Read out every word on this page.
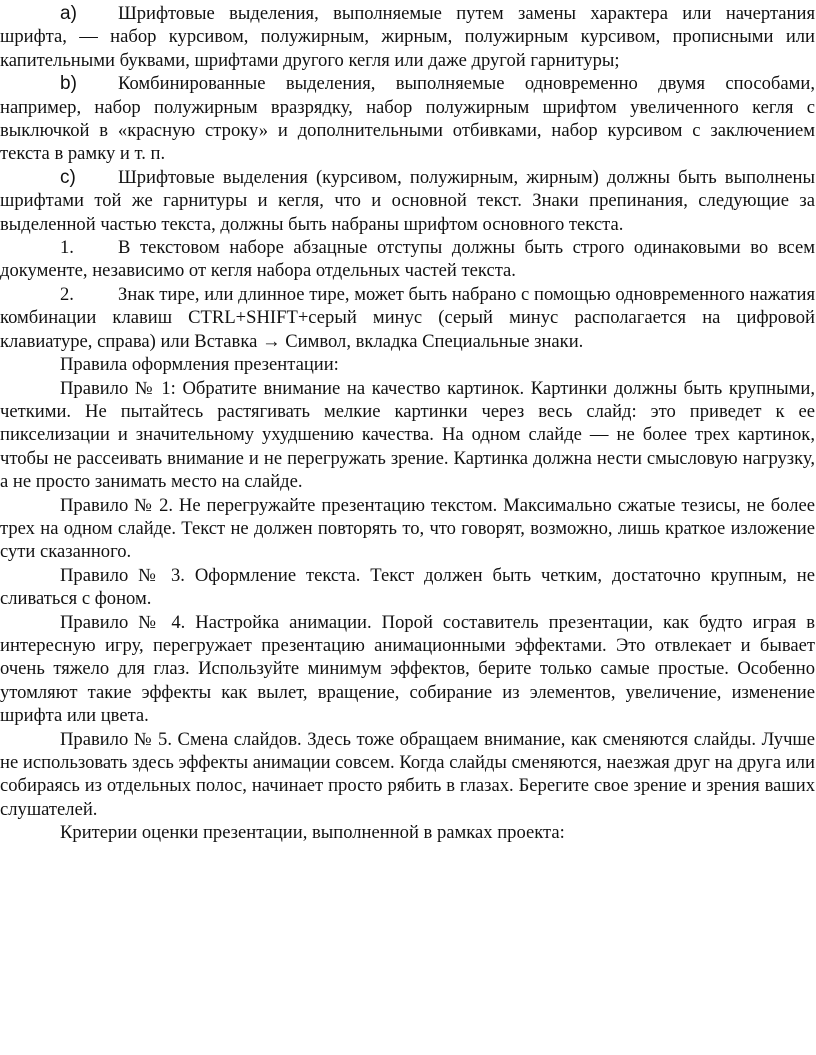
a) Шрифтовые выделения, выполняемые путем замены характера или начертания шрифта, — набор курсивом, полужирным, жирным, полужирным курсивом, прописными или капительными буквами, шрифтами другого кегля или даже другой гарнитуры;

b) Комбинированные выделения, выполняемые одновременно двумя способами, например, набор полужирным вразрядку, набор полужирным шрифтом увеличенного кегля с выключкой в «красную строку» и дополнительными отбивками, набор курсивом с заключением текста в рамку и т. п.

c) Шрифтовые выделения (курсивом, полужирным, жирным) должны быть выполнены шрифтами той же гарнитуры и кегля, что и основной текст. Знаки препинания, следующие за выделенной частью текста, должны быть набраны шрифтом основного текста.

1. В текстовом наборе абзацные отступы должны быть строго одинаковыми во всем документе, независимо от кегля набора отдельных частей текста.

2. Знак тире, или длинное тире, может быть набрано с помощью одновременного нажатия комбинации клавиш CTRL+SHIFT+серый минус (серый минус располагается на цифровой клавиатуре, справа) или Вставка → Символ, вкладка Специальные знаки.

Правила оформления презентации:

Правило № 1: Обратите внимание на качество картинок. Картинки должны быть крупными, четкими. Не пытайтесь растягивать мелкие картинки через весь слайд: это приведет к ее пикселизации и значительному ухудшению качества. На одном слайде — не более трех картинок, чтобы не рассеивать внимание и не перегружать зрение. Картинка должна нести смысловую нагрузку, а не просто занимать место на слайде.

Правило № 2. Не перегружайте презентацию текстом. Максимально сжатые тезисы, не более трех на одном слайде. Текст не должен повторять то, что говорят, возможно, лишь краткое изложение сути сказанного.

Правило № 3. Оформление текста. Текст должен быть четким, достаточно крупным, не сливаться с фоном.

Правило № 4. Настройка анимации. Порой составитель презентации, как будто играя в интересную игру, перегружает презентацию анимационными эффектами. Это отвлекает и бывает очень тяжело для глаз. Используйте минимум эффектов, берите только самые простые. Особенно утомляют такие эффекты как вылет, вращение, собирание из элементов, увеличение, изменение шрифта или цвета.

Правило № 5. Смена слайдов. Здесь тоже обращаем внимание, как сменяются слайды. Лучше не использовать здесь эффекты анимации совсем. Когда слайды сменяются, наезжая друг на друга или собираясь из отдельных полос, начинает просто рябить в глазах. Берегите свое зрение и зрения ваших слушателей.

Критерии оценки презентации, выполненной в рамках проекта:
